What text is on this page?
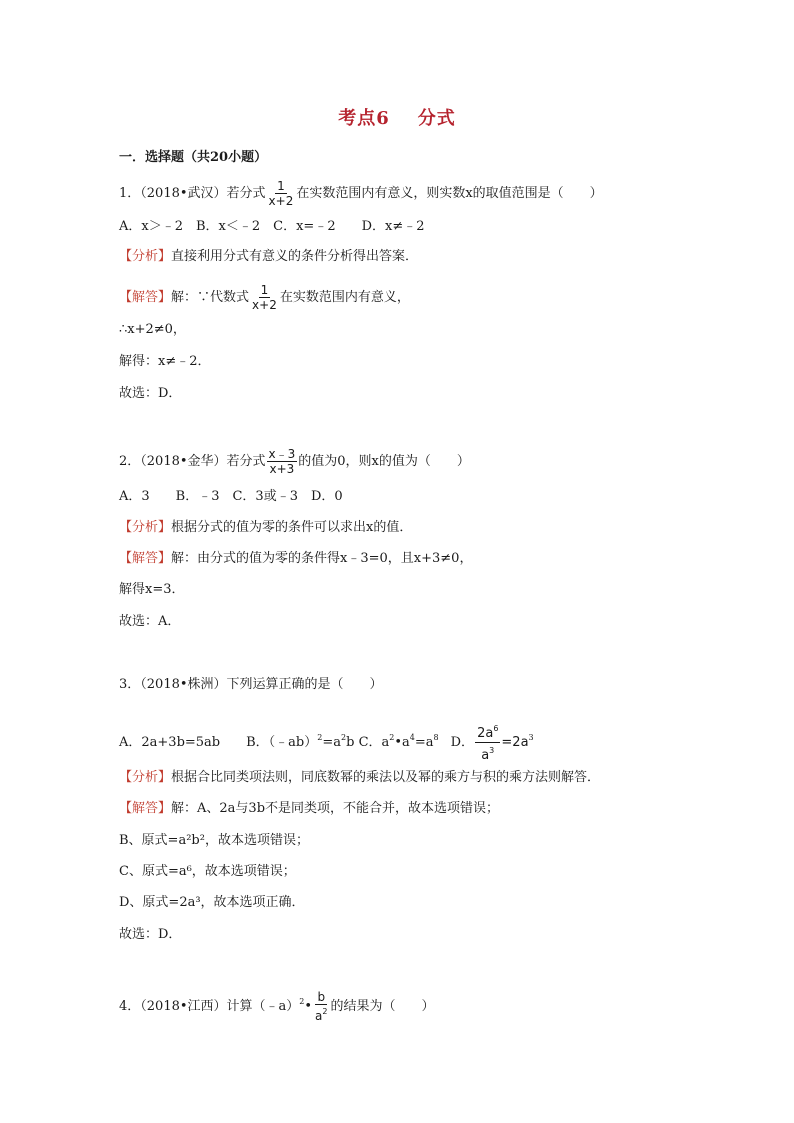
考点6 分式
一．选择题（共20小题）
1．（2018•武汉）若分式 $\frac{1}{x+2}$ 在实数范围内有意义，则实数x的取值范围是（　　）
A．x＞﹣2　B．x＜﹣2　C．x=﹣2　　D．x≠﹣2
【分析】直接利用分式有意义的条件分析得出答案．
【解答】解：∵代数式 $\frac{1}{x+2}$ 在实数范围内有意义，
∴x+2≠0，
解得：x≠﹣2．
故选：D．
2．（2018•金华）若分式 $\frac{x﹣3}{x+3}$ 的值为0，则x的值为（　　）
A．3　　B．﹣3　C．3或﹣3　D．0
【分析】根据分式的值为零的条件可以求出x的值．
【解答】解：由分式的值为零的条件得x﹣3=0，且x+3≠0，
解得x=3．
故选：A．
3．（2018•株洲）下列运算正确的是（　　）
A．2a+3b=5ab　　B．$(﹣ab)^2=a^2b$ C．$a^2•a^4=a^8$ D． $\frac{2a^6}{a^3} =2a^3$
【分析】根据合比同类项法则，同底数幂的乘法以及幂的乘方与积的乘方法则解答．
【解答】解：A、2a与3b不是同类项，不能合并，故本选项错误；
B、原式=a²b²，故本选项错误；
C、原式=a⁶，故本选项错误；
D、原式=2a³，故本选项正确．
故选：D．
4．（2018•江西）计算（﹣a）$^2$• $\frac{b}{a^2}$ 的结果为（　　）
